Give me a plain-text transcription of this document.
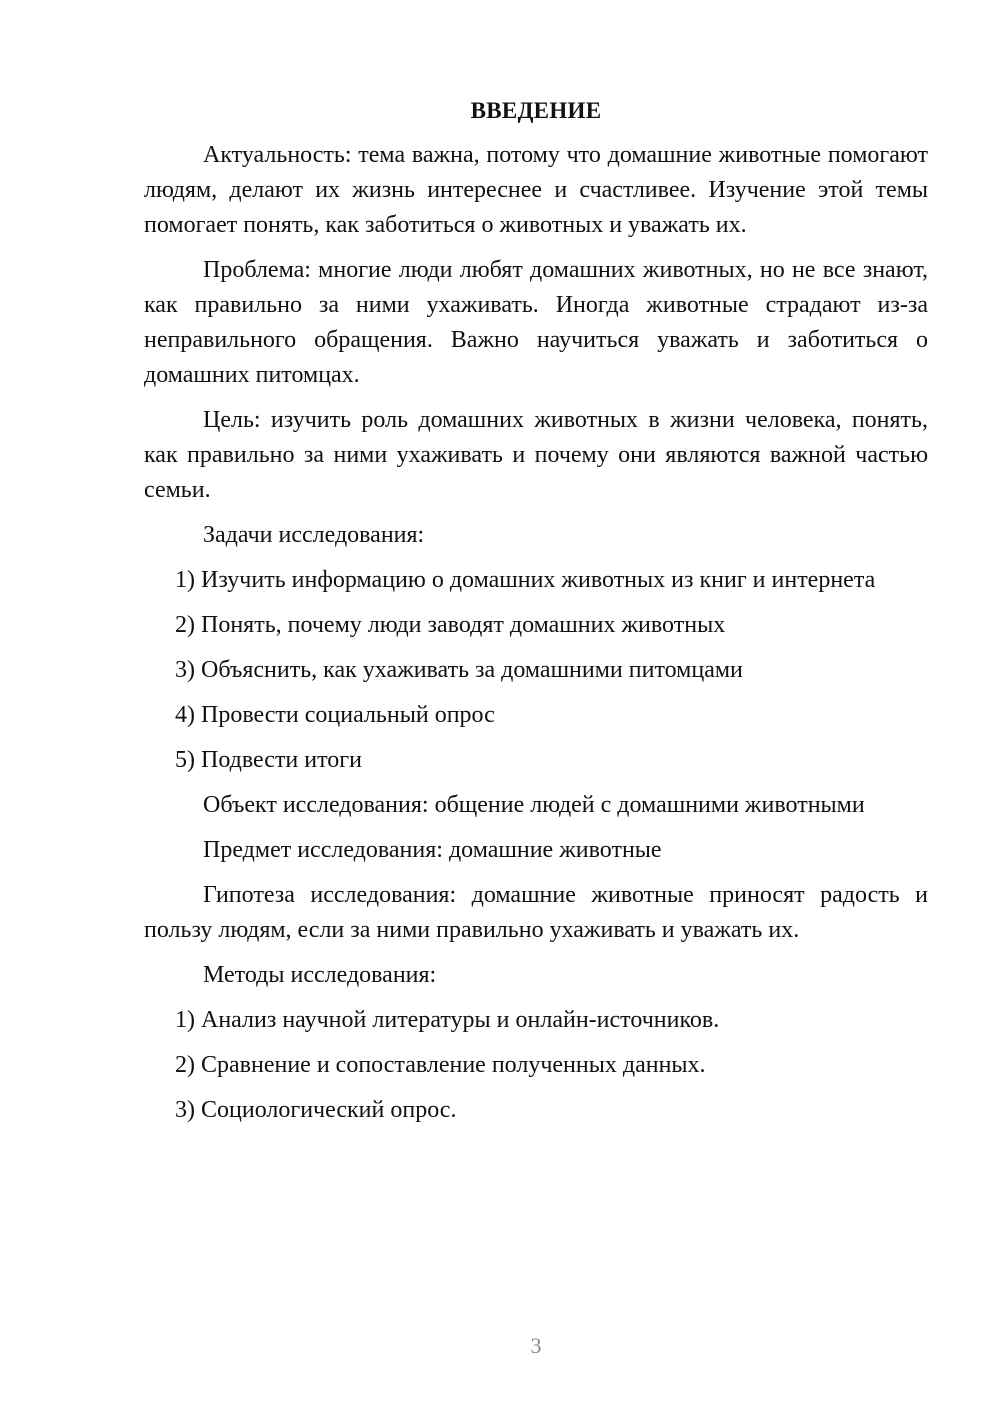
ВВЕДЕНИЕ

Актуальность: тема важна, потому что домашние животные помогают людям, делают их жизнь интереснее и счастливее. Изучение этой темы помогает понять, как заботиться о животных и уважать их.

Проблема: многие люди любят домашних животных, но не все знают, как правильно за ними ухаживать. Иногда животные страдают из-за неправильного обращения. Важно научиться уважать и заботиться о домашних питомцах.

Цель: изучить роль домашних животных в жизни человека, понять, как правильно за ними ухаживать и почему они являются важной частью семьи.

Задачи исследования:

1) Изучить информацию о домашних животных из книг и интернета
2) Понять, почему люди заводят домашних животных
3) Объяснить, как ухаживать за домашними питомцами
4) Провести социальный опрос
5) Подвести итоги

Объект исследования: общение людей с домашними животными

Предмет исследования: домашние животные

Гипотеза исследования: домашние животные приносят радость и пользу людям, если за ними правильно ухаживать и уважать их.

Методы исследования:

1) Анализ научной литературы и онлайн-источников.
2) Сравнение и сопоставление полученных данных.
3) Социологический опрос.
3
